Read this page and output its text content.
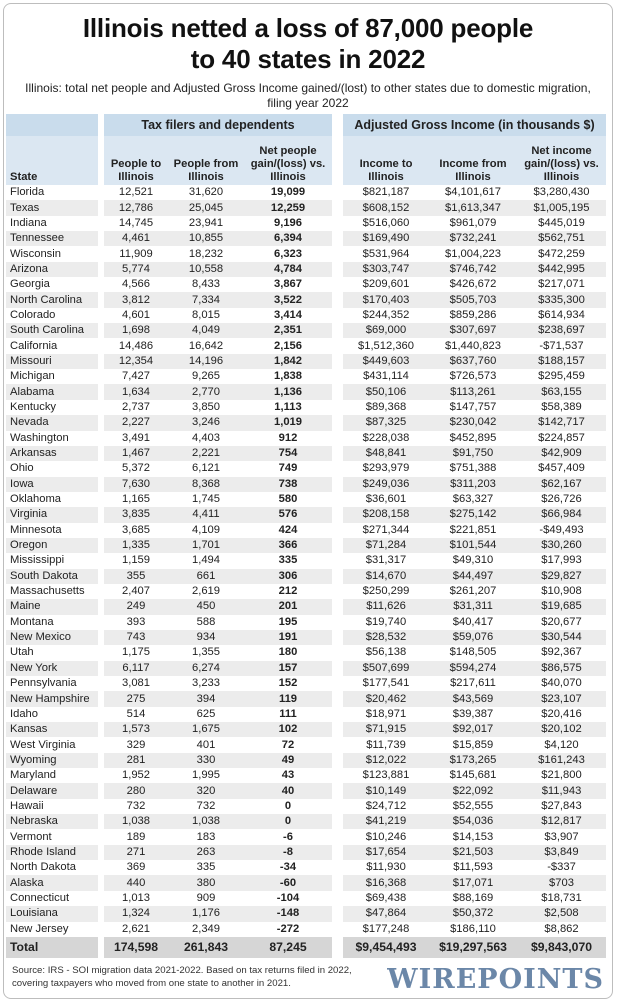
Illinois netted a loss of 87,000 people
to 40 states in 2022
Illinois: total net people and Adjusted Gross Income gained/(lost) to other states due to domestic migration, filing year 2022
		Tax filers and dependents				Adjusted Gross Income (in thousands $)		
State		People to Illinois	People from Illinois	Net people gain/(loss) vs. Illinois		Income to Illinois	Income from Illinois	Net income gain/(loss) vs. Illinois
Florida		12,521	31,620	19,099		$821,187	$4,101,617	$3,280,430
Texas		12,786	25,045	12,259		$608,152	$1,613,347	$1,005,195
Indiana		14,745	23,941	9,196		$516,060	$961,079	$445,019
Tennessee		4,461	10,855	6,394		$169,490	$732,241	$562,751
Wisconsin		11,909	18,232	6,323		$531,964	$1,004,223	$472,259
Arizona		5,774	10,558	4,784		$303,747	$746,742	$442,995
Georgia		4,566	8,433	3,867		$209,601	$426,672	$217,071
North Carolina		3,812	7,334	3,522		$170,403	$505,703	$335,300
Colorado		4,601	8,015	3,414		$244,352	$859,286	$614,934
South Carolina		1,698	4,049	2,351		$69,000	$307,697	$238,697
California		14,486	16,642	2,156		$1,512,360	$1,440,823	-$71,537
Missouri		12,354	14,196	1,842		$449,603	$637,760	$188,157
Michigan		7,427	9,265	1,838		$431,114	$726,573	$295,459
Alabama		1,634	2,770	1,136		$50,106	$113,261	$63,155
Kentucky		2,737	3,850	1,113		$89,368	$147,757	$58,389
Nevada		2,227	3,246	1,019		$87,325	$230,042	$142,717
Washington		3,491	4,403	912		$228,038	$452,895	$224,857
Arkansas		1,467	2,221	754		$48,841	$91,750	$42,909
Ohio		5,372	6,121	749		$293,979	$751,388	$457,409
Iowa		7,630	8,368	738		$249,036	$311,203	$62,167
Oklahoma		1,165	1,745	580		$36,601	$63,327	$26,726
Virginia		3,835	4,411	576		$208,158	$275,142	$66,984
Minnesota		3,685	4,109	424		$271,344	$221,851	-$49,493
Oregon		1,335	1,701	366		$71,284	$101,544	$30,260
Mississippi		1,159	1,494	335		$31,317	$49,310	$17,993
South Dakota		355	661	306		$14,670	$44,497	$29,827
Massachusetts		2,407	2,619	212		$250,299	$261,207	$10,908
Maine		249	450	201		$11,626	$31,311	$19,685
Montana		393	588	195		$19,740	$40,417	$20,677
New Mexico		743	934	191		$28,532	$59,076	$30,544
Utah		1,175	1,355	180		$56,138	$148,505	$92,367
New York		6,117	6,274	157		$507,699	$594,274	$86,575
Pennsylvania		3,081	3,233	152		$177,541	$217,611	$40,070
New Hampshire		275	394	119		$20,462	$43,569	$23,107
Idaho		514	625	111		$18,971	$39,387	$20,416
Kansas		1,573	1,675	102		$71,915	$92,017	$20,102
West Virginia		329	401	72		$11,739	$15,859	$4,120
Wyoming		281	330	49		$12,022	$173,265	$161,243
Maryland		1,952	1,995	43		$123,881	$145,681	$21,800
Delaware		280	320	40		$10,149	$22,092	$11,943
Hawaii		732	732	0		$24,712	$52,555	$27,843
Nebraska		1,038	1,038	0		$41,219	$54,036	$12,817
Vermont		189	183	-6		$10,246	$14,153	$3,907
Rhode Island		271	263	-8		$17,654	$21,503	$3,849
North Dakota		369	335	-34		$11,930	$11,593	-$337
Alaska		440	380	-60		$16,368	$17,071	$703
Connecticut		1,013	909	-104		$69,438	$88,169	$18,731
Louisiana		1,324	1,176	-148		$47,864	$50,372	$2,508
New Jersey		2,621	2,349	-272		$177,248	$186,110	$8,862
Total		174,598	261,843	87,245		$9,454,493	$19,297,563	$9,843,070
Source: IRS - SOI migration data 2021-2022. Based on tax returns filed in 2022,
covering taxpayers who moved from one state to another in 2021.	WIREPOINTS
